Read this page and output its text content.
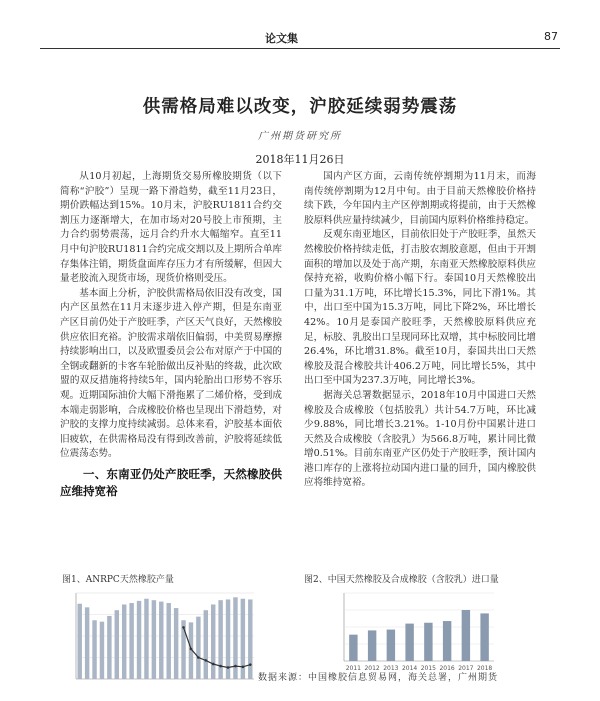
论文集	87
供需格局难以改变，沪胶延续弱势震荡
广州期货研究所
2018年11月26日

从10月初起，上海期货交易所橡胶期货（以下简称“沪胶”）呈现一路下滑趋势，截至11月23日，期价跌幅达到15%。10月末，沪胶RU1811合约交割压力逐渐增大，在加市场对20号胶上市预期，主力合约弱势震荡，远月合约升水大幅缩窄。直至11月中旬沪胶RU1811合约完成交割以及上期所合单库存集体注销，期货盘面库存压力才有所缓解，但因大量老胶流入现货市场，现货价格则受压。

基本面上分析，沪胶供需格局依旧没有改变，国内产区虽然在11月末逐步进入停产期，但是东南亚产区目前仍处于产胶旺季，产区天气良好，天然橡胶供应依旧充裕。沪胶需求端依旧偏弱，中美贸易摩擦持续影响出口，以及欧盟委员会公布对原产于中国的全钢或翻新的卡客车轮胎做出反补贴的终裁，此次欧盟的双反措施将持续5年，国内轮胎出口形势不容乐观。近期国际油价大幅下滑拖累了二烯价格，受到成本端走弱影响，合成橡胶价格也呈现出下滑趋势，对沪胶的支撑力度持续减弱。总体来看，沪胶基本面依旧疲软，在供需格局没有得到改善前，沪胶将延续低位震荡态势。

一、东南亚仍处产胶旺季，天然橡胶供应维持宽裕

国内产区方面，云南传统停割期为11月末，而海南传统停割期为12月中旬。由于目前天然橡胶价格持续下跌，今年国内主产区停割期或将提前，由于天然橡胶原料供应量持续减少，目前国内原料价格维持稳定。

反观东南亚地区，目前依旧处于产胶旺季，虽然天然橡胶价格持续走低，打击胶农割胶意愿，但由于开割面积的增加以及处于高产期，东南亚天然橡胶原料供应保持充裕，收购价格小幅下行。泰国10月天然橡胶出口量为31.1万吨，环比增长15.3%，同比下滑1%。其中，出口至中国为15.3万吨，同比下降2%，环比增长42%。10月是泰国产胶旺季，天然橡胶原料供应充足，标胶、乳胶出口呈现同环比双增，其中标胶同比增26.4%，环比增31.8%。截至10月，泰国共出口天然橡胶及混合橡胶共计406.2万吨，同比增长5%，其中出口至中国为237.3万吨，同比增长3%。

据海关总署数据显示，2018年10月中国进口天然橡胶及合成橡胶（包括胶乳）共计54.7万吨，环比减少9.88%，同比增长3.21%。1-10月份中国累计进口天然及合成橡胶（含胶乳）为566.8万吨，累计同比微增0.51%。目前东南亚产区仍处于产胶旺季，预计国内港口库存的上涨将拉动国内进口量的回升，国内橡胶供应将维持宽裕。

图1、ANRPC天然橡胶产量	图2、中国天然橡胶及合成橡胶（含胶乳）进口量
2011 2012 2013 2014 2015 2016 2017 2018
数据来源：中国橡胶信息贸易网，海关总署，广州期货
